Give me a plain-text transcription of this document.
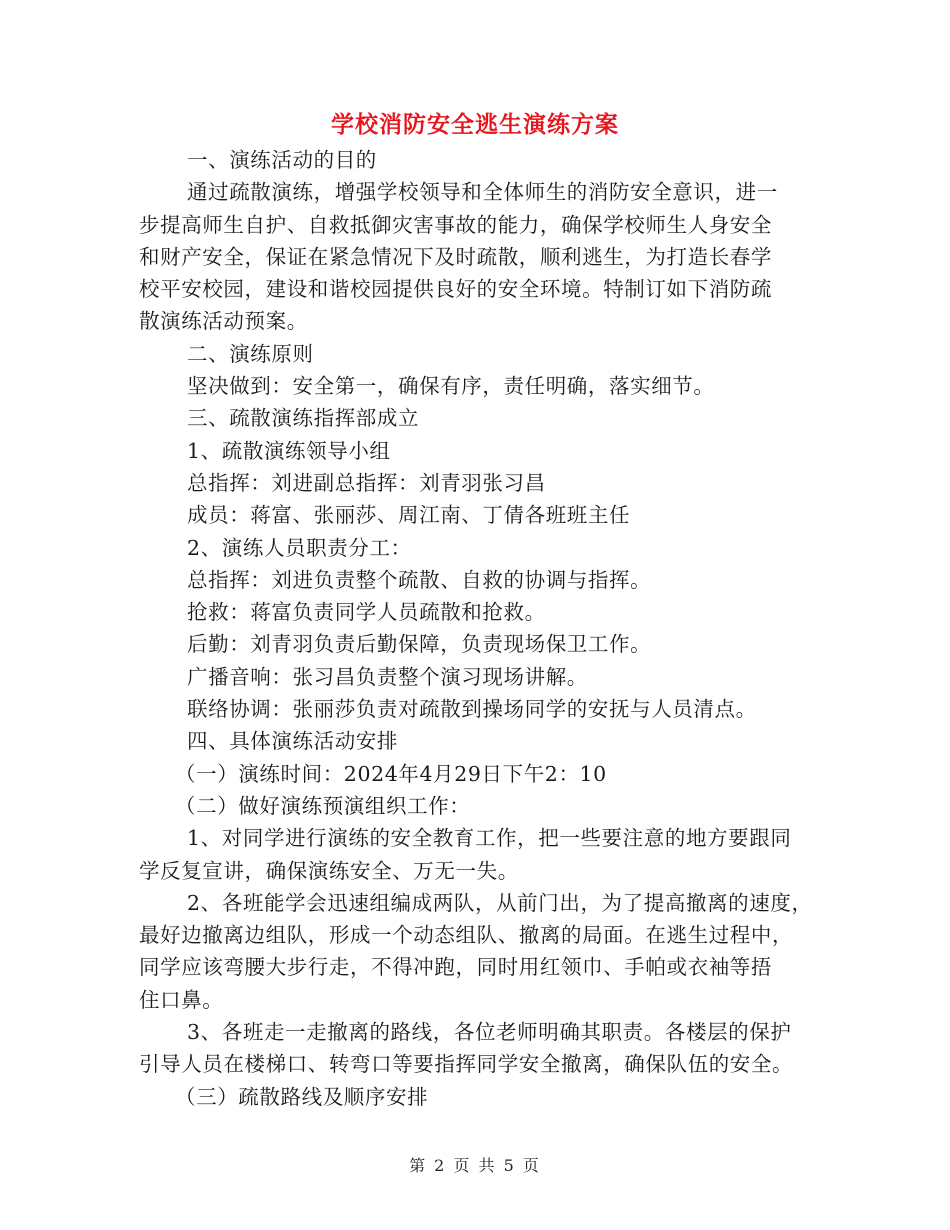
学校消防安全逃生演练方案
一、演练活动的目的
通过疏散演练，增强学校领导和全体师生的消防安全意识，进一
步提高师生自护、自救抵御灾害事故的能力，确保学校师生人身安全
和财产安全，保证在紧急情况下及时疏散，顺利逃生，为打造长春学
校平安校园，建设和谐校园提供良好的安全环境。特制订如下消防疏
散演练活动预案。
二、演练原则
坚决做到：安全第一，确保有序，责任明确，落实细节。
三、疏散演练指挥部成立
1、疏散演练领导小组
总指挥：刘进副总指挥：刘青羽张习昌
成员：蒋富、张丽莎、周江南、丁倩各班班主任
2、演练人员职责分工：
总指挥：刘进负责整个疏散、自救的协调与指挥。
抢救：蒋富负责同学人员疏散和抢救。
后勤：刘青羽负责后勤保障，负责现场保卫工作。
广播音响：张习昌负责整个演习现场讲解。
联络协调：张丽莎负责对疏散到操场同学的安抚与人员清点。
四、具体演练活动安排
（一）演练时间：2024年4月29日下午2：10
（二）做好演练预演组织工作：
1、对同学进行演练的安全教育工作，把一些要注意的地方要跟同
学反复宣讲，确保演练安全、万无一失。
2、各班能学会迅速组编成两队，从前门出，为了提高撤离的速度，
最好边撤离边组队，形成一个动态组队、撤离的局面。在逃生过程中，
同学应该弯腰大步行走，不得冲跑，同时用红领巾、手帕或衣袖等捂
住口鼻。
3、各班走一走撤离的路线，各位老师明确其职责。各楼层的保护
引导人员在楼梯口、转弯口等要指挥同学安全撤离，确保队伍的安全。
（三）疏散路线及顺序安排
第 2 页 共 5 页
